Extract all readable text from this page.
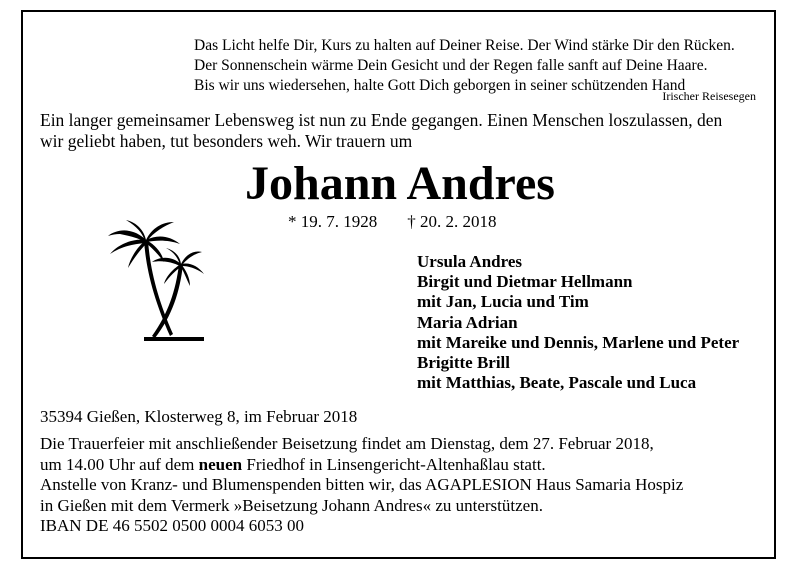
Das Licht helfe Dir, Kurs zu halten auf Deiner Reise. Der Wind stärke Dir den Rücken.
Der Sonnenschein wärme Dein Gesicht und der Regen falle sanft auf Deine Haare.
Bis wir uns wiedersehen, halte Gott Dich geborgen in seiner schützenden Hand
Irischer Reisesegen
Ein langer gemeinsamer Lebensweg ist nun zu Ende gegangen. Einen Menschen loszulassen, den
wir geliebt haben, tut besonders weh. Wir trauern um
Johann Andres
* 19. 7. 1928 † 20. 2. 2018
Ursula Andres
Birgit und Dietmar Hellmann
mit Jan, Lucia und Tim
Maria Adrian
mit Mareike und Dennis, Marlene und Peter
Brigitte Brill
mit Matthias, Beate, Pascale und Luca
35394 Gießen, Klosterweg 8, im Februar 2018
Die Trauerfeier mit anschließender Beisetzung findet am Dienstag, dem 27. Februar 2018,
um 14.00 Uhr auf dem neuen Friedhof in Linsengericht-Altenhaßlau statt.
Anstelle von Kranz- und Blumenspenden bitten wir, das AGAPLESION Haus Samaria Hospiz
in Gießen mit dem Vermerk »Beisetzung Johann Andres« zu unterstützen.
IBAN DE 46 5502 0500 0004 6053 00
